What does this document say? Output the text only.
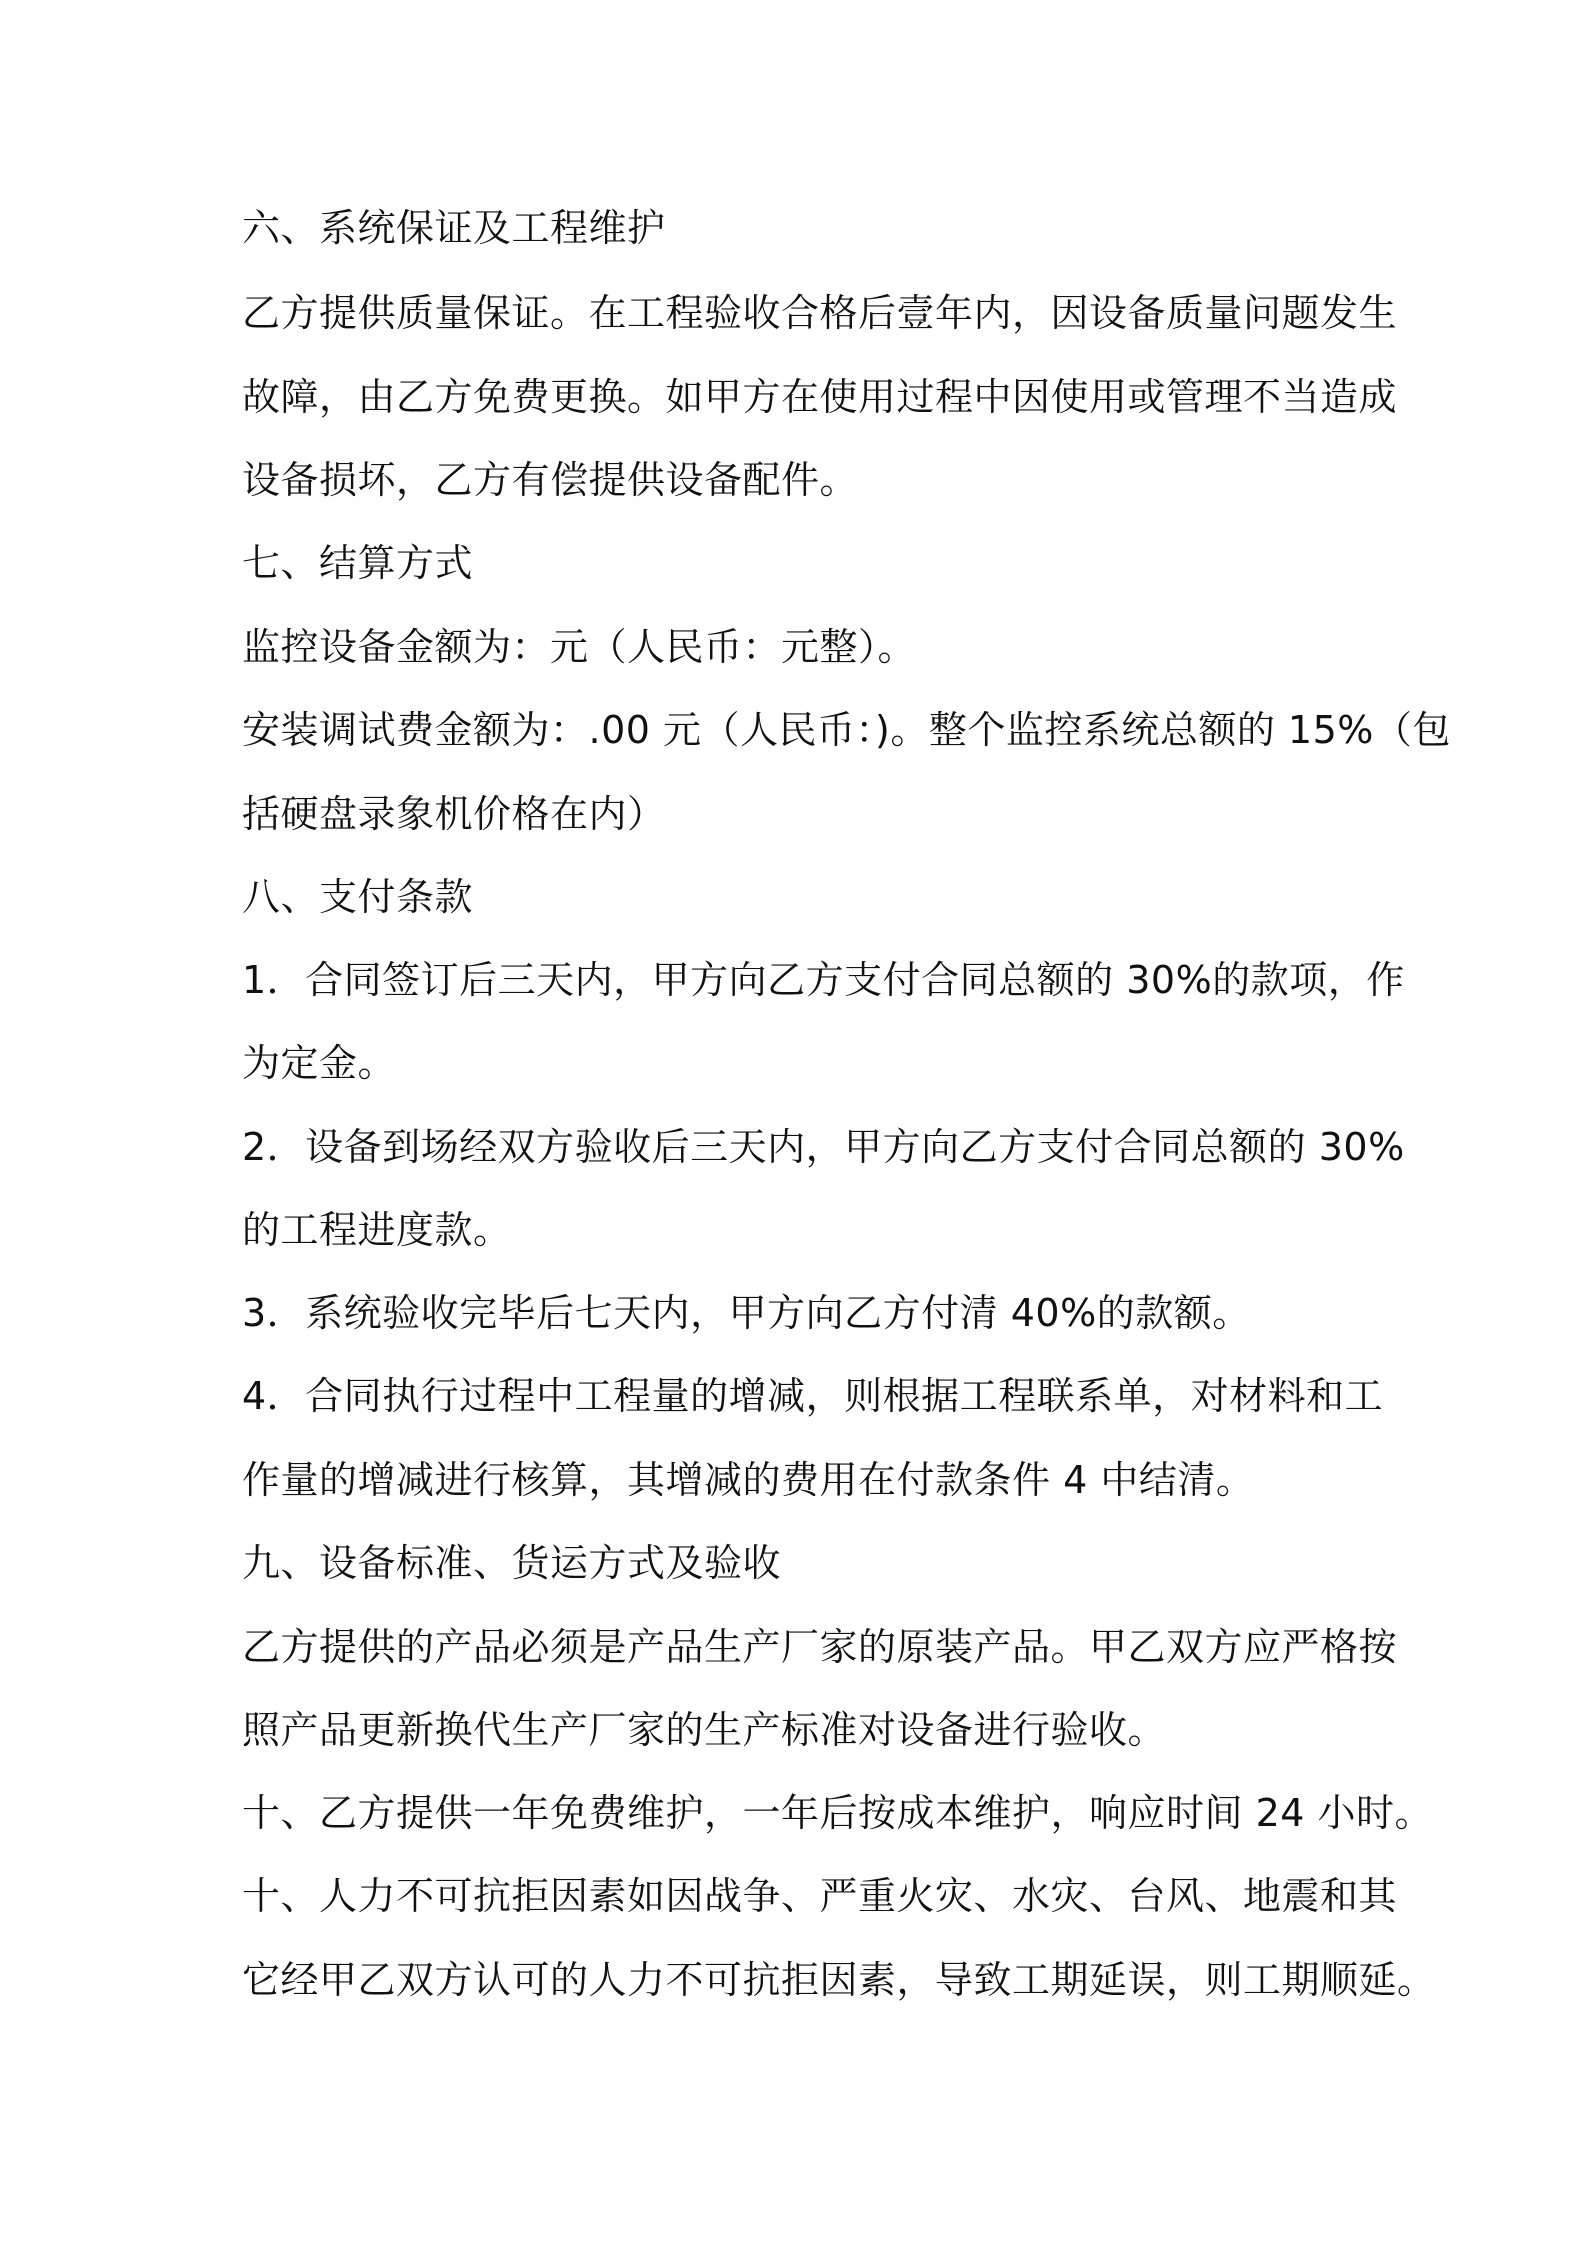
六、系统保证及工程维护
乙方提供质量保证。在工程验收合格后壹年内，因设备质量问题发生
故障，由乙方免费更换。如甲方在使用过程中因使用或管理不当造成
设备损坏，乙方有偿提供设备配件。
七、结算方式
监控设备金额为：元（人民币：元整）。
安装调试费金额为：.00 元（人民币：)。整个监控系统总额的 15%（包
括硬盘录象机价格在内）
八、支付条款
1．合同签订后三天内，甲方向乙方支付合同总额的 30%的款项，作
为定金。
2．设备到场经双方验收后三天内，甲方向乙方支付合同总额的 30%
的工程进度款。
3．系统验收完毕后七天内，甲方向乙方付清 40%的款额。
4．合同执行过程中工程量的增减，则根据工程联系单，对材料和工
作量的增减进行核算，其增减的费用在付款条件 4 中结清。
九、设备标准、货运方式及验收
乙方提供的产品必须是产品生产厂家的原装产品。甲乙双方应严格按
照产品更新换代生产厂家的生产标准对设备进行验收。
十、乙方提供一年免费维护，一年后按成本维护，响应时间 24 小时。
十、人力不可抗拒因素如因战争、严重火灾、水灾、台风、地震和其
它经甲乙双方认可的人力不可抗拒因素，导致工期延误，则工期顺延。
